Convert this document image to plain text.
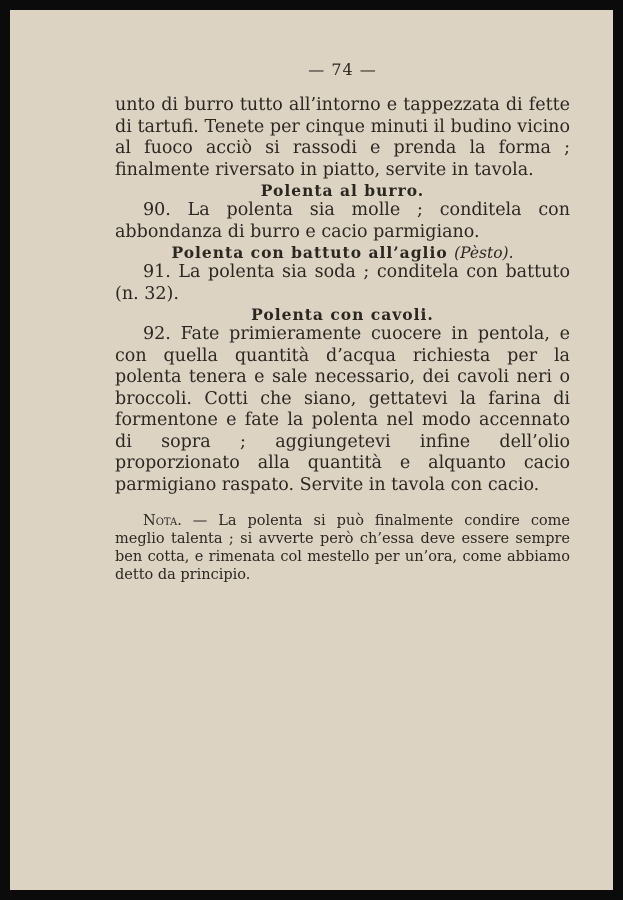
— 74 —

unto di burro tutto all’intorno e tappezzata di fette di tartufi. Tenete per cinque minuti il budino vicino al fuoco acciò si rassodi e prenda la forma ; finalmente riversato in piatto, servite in tavola.

Polenta al burro.

90. La polenta sia molle ; conditela con abbondanza di burro e cacio parmigiano.

Polenta con battuto all’aglio (Pèsto).

91. La polenta sia soda ; conditela con battuto (n. 32).

Polenta con cavoli.

92. Fate primieramente cuocere in pentola, e con quella quantità d’acqua richiesta per la polenta tenera e sale necessario, dei cavoli neri o broccoli. Cotti che siano, gettatevi la farina di formentone e fate la polenta nel modo accennato di sopra ; aggiungetevi infine dell’olio proporzionato alla quantità e alquanto cacio parmigiano raspato. Servite in tavola con cacio.

Nota. — La polenta si può finalmente condire come meglio talenta ; si avverte però ch’essa deve essere sempre ben cotta, e rimenata col mestello per un’ora, come abbiamo detto da principio.
